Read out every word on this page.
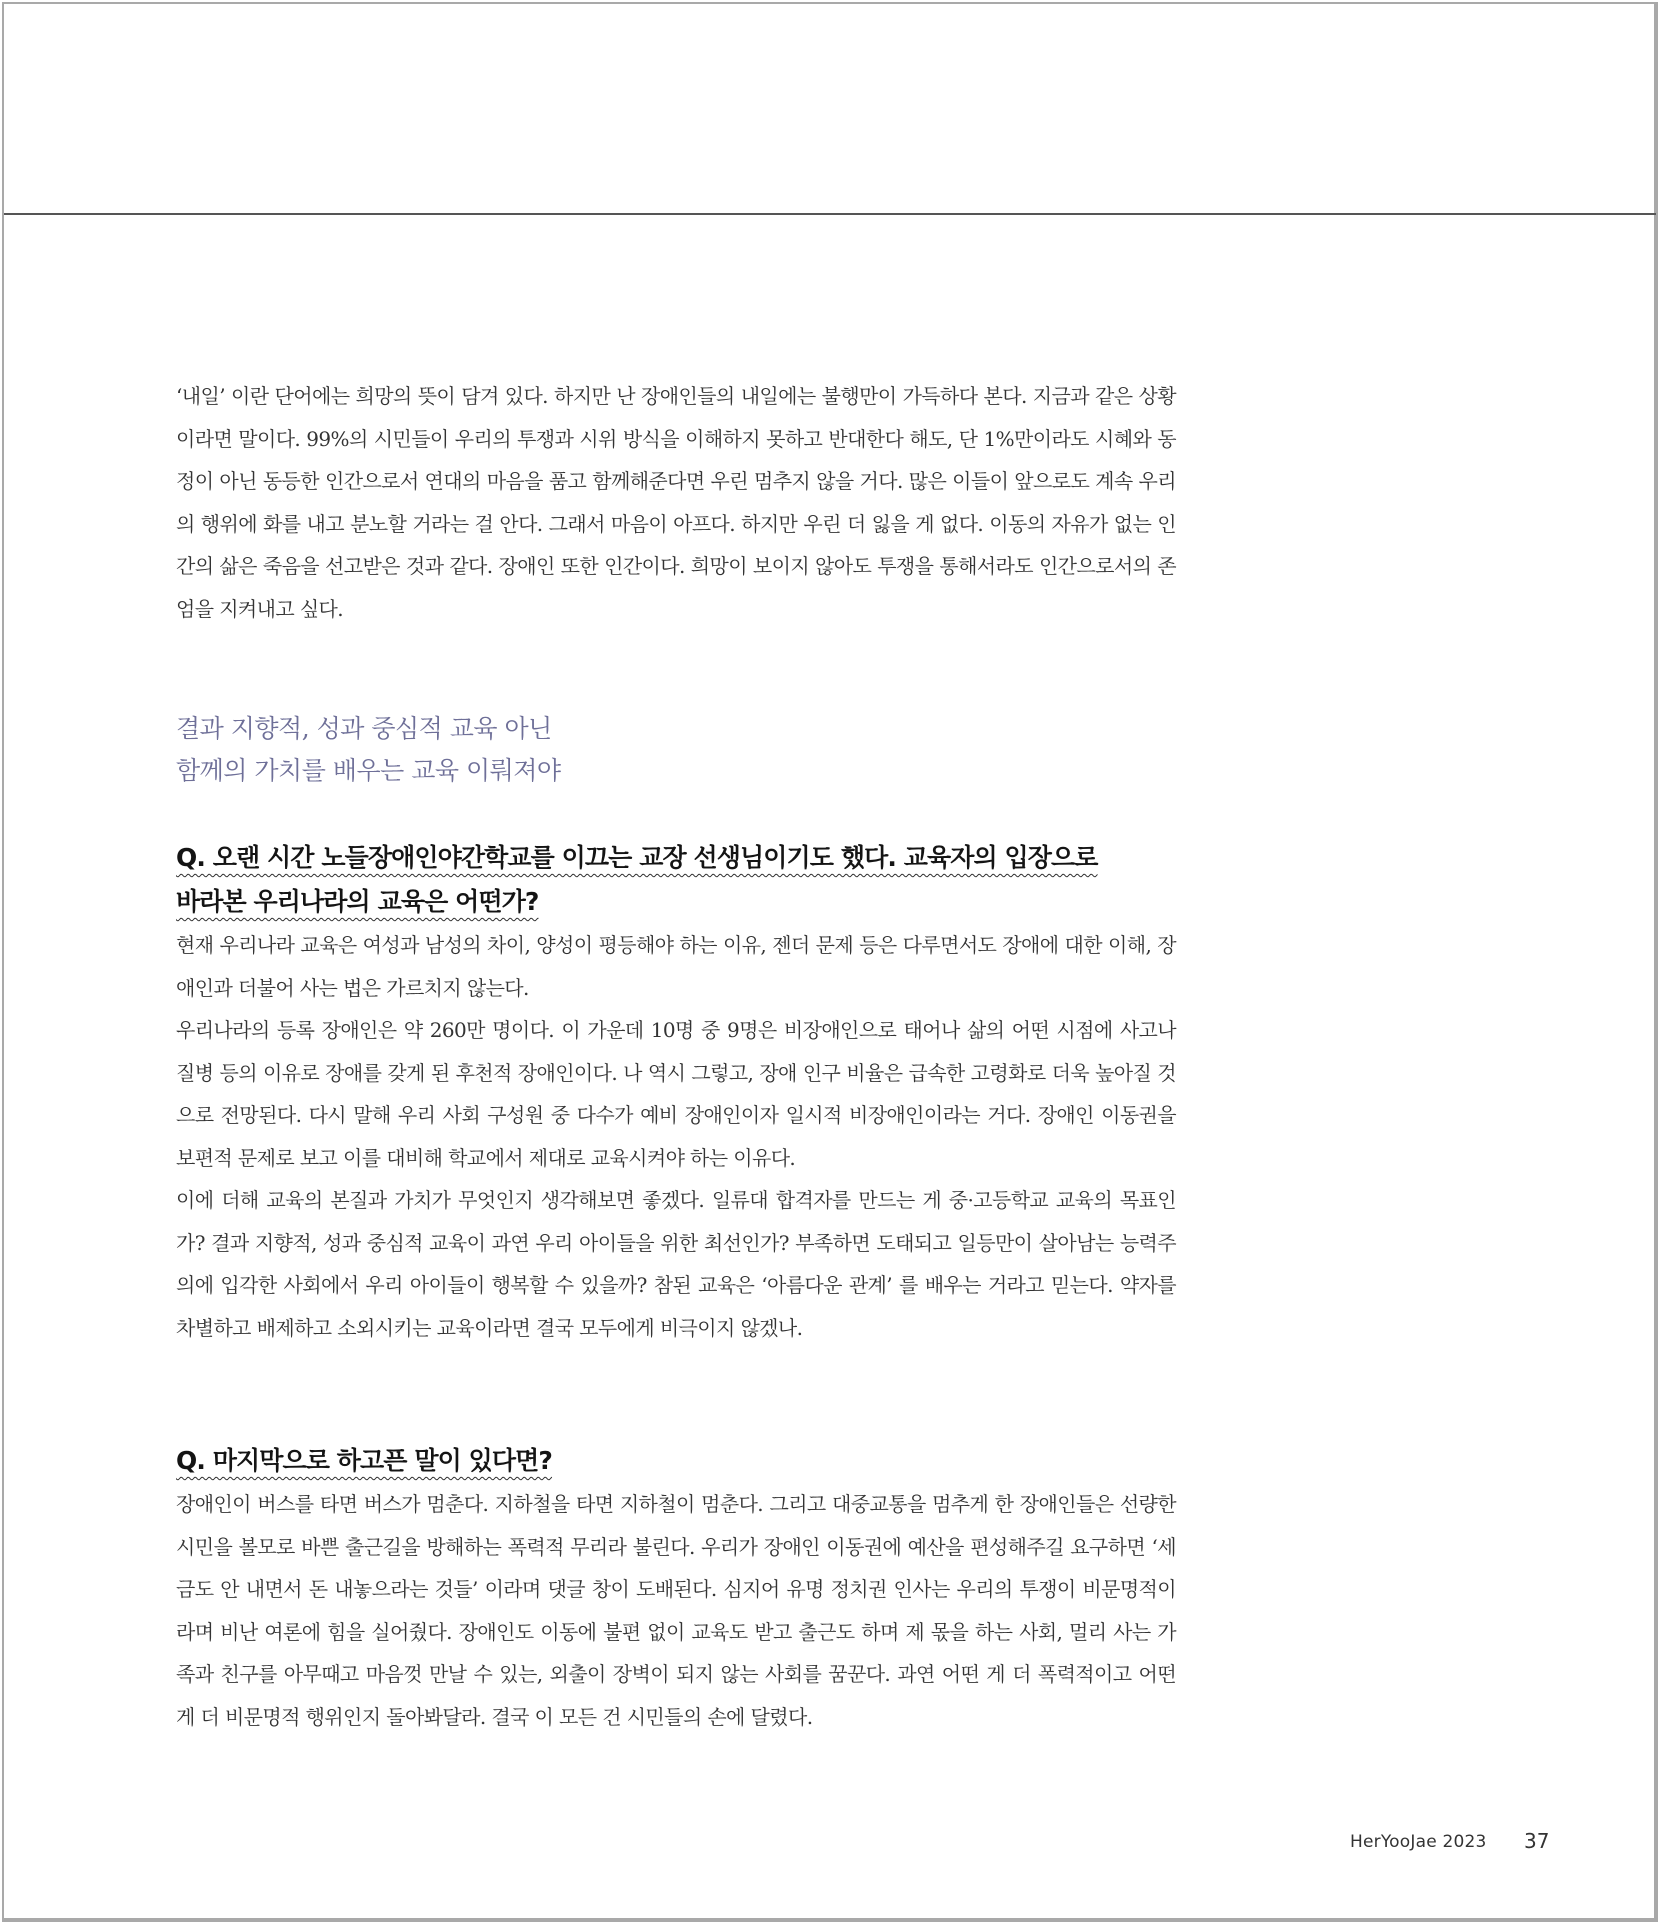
‘내일’ 이란 단어에는 희망의 뜻이 담겨 있다. 하지만 난 장애인들의 내일에는 불행만이 가득하다 본다. 지금과 같은 상황이라면 말이다. 99%의 시민들이 우리의 투쟁과 시위 방식을 이해하지 못하고 반대한다 해도, 단 1%만이라도 시혜와 동정이 아닌 동등한 인간으로서 연대의 마음을 품고 함께해준다면 우린 멈추지 않을 거다. 많은 이들이 앞으로도 계속 우리의 행위에 화를 내고 분노할 거라는 걸 안다. 그래서 마음이 아프다. 하지만 우린 더 잃을 게 없다. 이동의 자유가 없는 인간의 삶은 죽음을 선고받은 것과 같다. 장애인 또한 인간이다. 희망이 보이지 않아도 투쟁을 통해서라도 인간으로서의 존엄을 지켜내고 싶다.

결과 지향적, 성과 중심적 교육 아닌

함께의 가치를 배우는 교육 이뤄져야

Q. 오랜 시간 노들장애인야간학교를 이끄는 교장 선생님이기도 했다. 교육자의 입장으로

바라본 우리나라의 교육은 어떤가?

현재 우리나라 교육은 여성과 남성의 차이, 양성이 평등해야 하는 이유, 젠더 문제 등은 다루면서도 장애에 대한 이해, 장애인과 더불어 사는 법은 가르치지 않는다.

우리나라의 등록 장애인은 약 260만 명이다. 이 가운데 10명 중 9명은 비장애인으로 태어나 삶의 어떤 시점에 사고나 질병 등의 이유로 장애를 갖게 된 후천적 장애인이다. 나 역시 그렇고, 장애 인구 비율은 급속한 고령화로 더욱 높아질 것으로 전망된다. 다시 말해 우리 사회 구성원 중 다수가 예비 장애인이자 일시적 비장애인이라는 거다. 장애인 이동권을 보편적 문제로 보고 이를 대비해 학교에서 제대로 교육시켜야 하는 이유다.

이에 더해 교육의 본질과 가치가 무엇인지 생각해보면 좋겠다. 일류대 합격자를 만드는 게 중·고등학교 교육의 목표인가? 결과 지향적, 성과 중심적 교육이 과연 우리 아이들을 위한 최선인가? 부족하면 도태되고 일등만이 살아남는 능력주의에 입각한 사회에서 우리 아이들이 행복할 수 있을까? 참된 교육은 ‘아름다운 관계’ 를 배우는 거라고 믿는다. 약자를 차별하고 배제하고 소외시키는 교육이라면 결국 모두에게 비극이지 않겠나.

Q. 마지막으로 하고픈 말이 있다면?

장애인이 버스를 타면 버스가 멈춘다. 지하철을 타면 지하철이 멈춘다. 그리고 대중교통을 멈추게 한 장애인들은 선량한 시민을 볼모로 바쁜 출근길을 방해하는 폭력적 무리라 불린다. 우리가 장애인 이동권에 예산을 편성해주길 요구하면 ‘세금도 안 내면서 돈 내놓으라는 것들’ 이라며 댓글 창이 도배된다. 심지어 유명 정치권 인사는 우리의 투쟁이 비문명적이라며 비난 여론에 힘을 실어줬다. 장애인도 이동에 불편 없이 교육도 받고 출근도 하며 제 몫을 하는 사회, 멀리 사는 가족과 친구를 아무때고 마음껏 만날 수 있는, 외출이 장벽이 되지 않는 사회를 꿈꾼다. 과연 어떤 게 더 폭력적이고 어떤 게 더 비문명적 행위인지 돌아봐달라. 결국 이 모든 건 시민들의 손에 달렸다.

HerYooJae 2023 37
